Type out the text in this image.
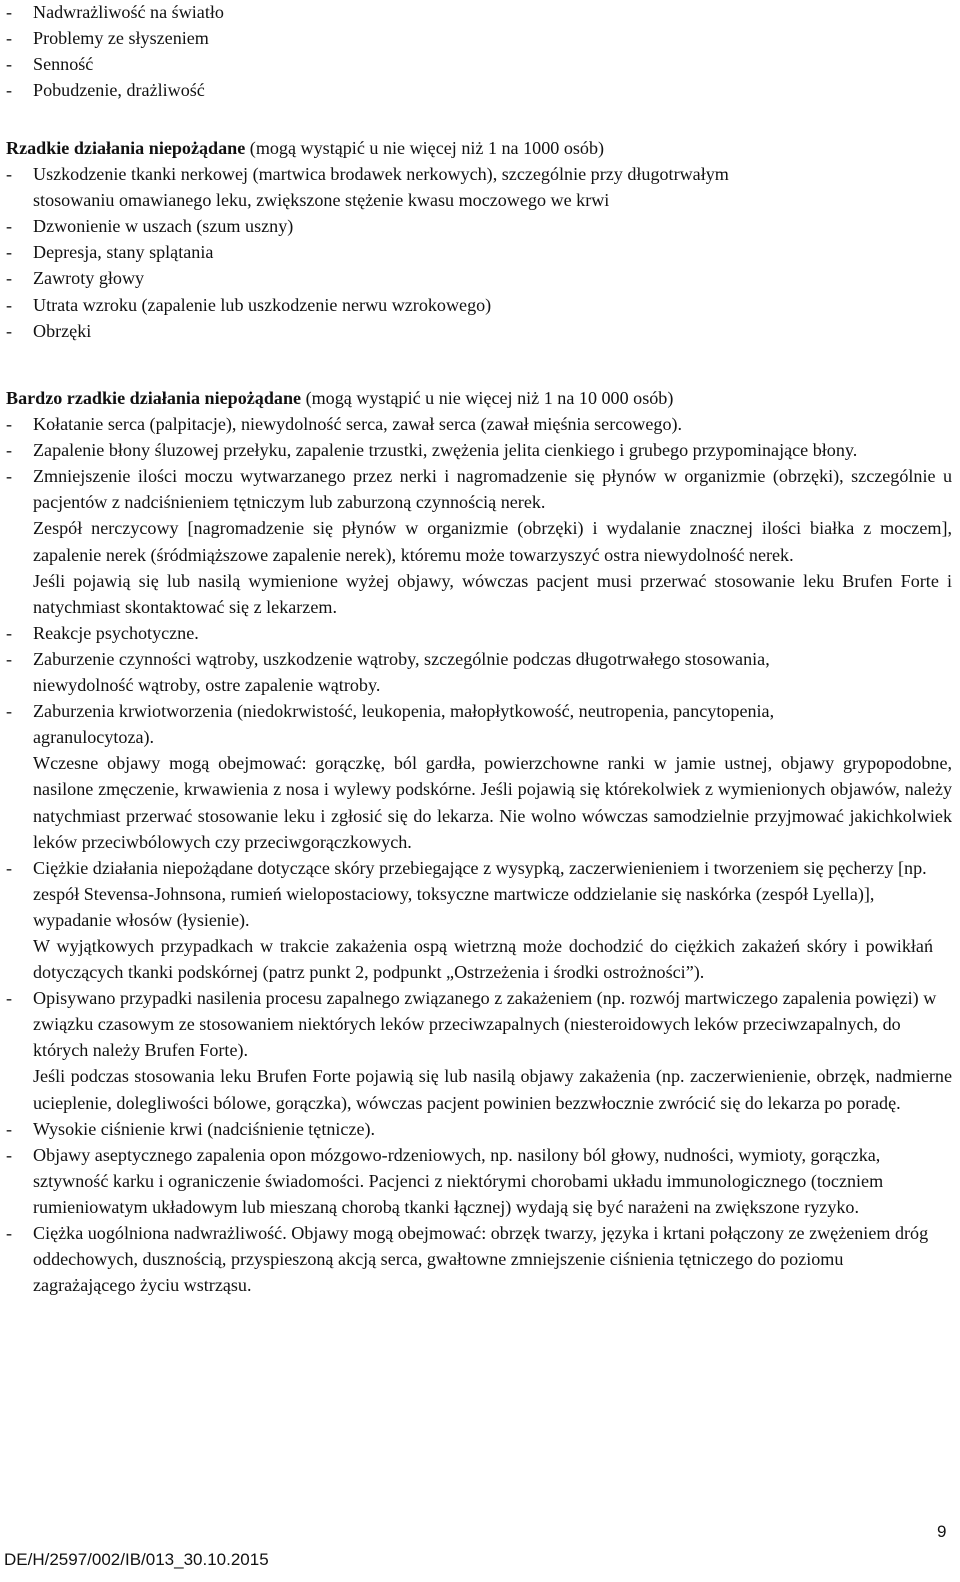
- Nadwrażliwość na światło
- Problemy ze słyszeniem
- Senność
- Pobudzenie, drażliwość
Rzadkie działania niepożądane (mogą wystąpić u nie więcej niż 1 na 1000 osób)
- Uszkodzenie tkanki nerkowej (martwica brodawek nerkowych), szczególnie przy długotrwałym stosowaniu omawianego leku, zwiększone stężenie kwasu moczowego we krwi
- Dzwonienie w uszach (szum uszny)
- Depresja, stany splątania
- Zawroty głowy
- Utrata wzroku (zapalenie lub uszkodzenie nerwu wzrokowego)
- Obrzęki
Bardzo rzadkie działania niepożądane (mogą wystąpić u nie więcej niż 1 na 10 000 osób)
- Kołatanie serca (palpitacje), niewydolność serca, zawał serca (zawał mięśnia sercowego).
- Zapalenie błony śluzowej przełyku, zapalenie trzustki, zwężenia jelita cienkiego i grubego przypominające błony.
- Zmniejszenie ilości moczu wytwarzanego przez nerki i nagromadzenie się płynów w organizmie (obrzęki), szczególnie u pacjentów z nadciśnieniem tętniczym lub zaburzoną czynnością nerek.
Zespół nerczycowy [nagromadzenie się płynów w organizmie (obrzęki) i wydalanie znacznej ilości białka z moczem], zapalenie nerek (śródmiąższowe zapalenie nerek), któremu może towarzyszyć ostra niewydolność nerek.
Jeśli pojawią się lub nasilą wymienione wyżej objawy, wówczas pacjent musi przerwać stosowanie leku Brufen Forte i natychmiast skontaktować się z lekarzem.
- Reakcje psychotyczne.
- Zaburzenie czynności wątroby, uszkodzenie wątroby, szczególnie podczas długotrwałego stosowania, niewydolność wątroby, ostre zapalenie wątroby.
- Zaburzenia krwiotworzenia (niedokrwistość, leukopenia, małopłytkowość, neutropenia, pancytopenia, agranulocytoza).
Wczesne objawy mogą obejmować: gorączkę, ból gardła, powierzchowne ranki w jamie ustnej, objawy grypopodobne, nasilone zmęczenie, krwawienia z nosa i wylewy podskórne. Jeśli pojawią się którekolwiek z wymienionych objawów, należy natychmiast przerwać stosowanie leku i zgłosić się do lekarza. Nie wolno wówczas samodzielnie przyjmować jakichkolwiek leków przeciwbólowych czy przeciwgorączkowych.
- Ciężkie działania niepożądane dotyczące skóry przebiegające z wysypką, zaczerwienieniem i tworzeniem się pęcherzy [np. zespół Stevensa-Johnsona, rumień wielopostaciowy, toksyczne martwicze oddzielanie się naskórka (zespół Lyella)], wypadanie włosów (łysienie).
W wyjątkowych przypadkach w trakcie zakażenia ospą wietrzną może dochodzić do ciężkich zakażeń skóry i powikłań dotyczących tkanki podskórnej (patrz punkt 2, podpunkt „Ostrzeżenia i środki ostrożności”).
- Opisywano przypadki nasilenia procesu zapalnego związanego z zakażeniem (np. rozwój martwiczego zapalenia powięzi) w związku czasowym ze stosowaniem niektórych leków przeciwzapalnych (niesteroidowych leków przeciwzapalnych, do których należy Brufen Forte).
Jeśli podczas stosowania leku Brufen Forte pojawią się lub nasilą objawy zakażenia (np. zaczerwienienie, obrzęk, nadmierne ucieplenie, dolegliwości bólowe, gorączka), wówczas pacjent powinien bezzwłocznie zwrócić się do lekarza po poradę.
- Wysokie ciśnienie krwi (nadciśnienie tętnicze).
- Objawy aseptycznego zapalenia opon mózgowo-rdzeniowych, np. nasilony ból głowy, nudności, wymioty, gorączka, sztywność karku i ograniczenie świadomości. Pacjenci z niektórymi chorobami układu immunologicznego (toczniem rumieniowatym układowym lub mieszaną chorobą tkanki łącznej) wydają się być narażeni na zwiększone ryzyko.
- Ciężka uogólniona nadwrażliwość. Objawy mogą obejmować: obrzęk twarzy, języka i krtani połączony ze zwężeniem dróg oddechowych, dusznością, przyspieszoną akcją serca, gwałtowne zmniejszenie ciśnienia tętniczego do poziomu zagrażającego życiu wstrząsu.
9
DE/H/2597/002/IB/013_30.10.2015
